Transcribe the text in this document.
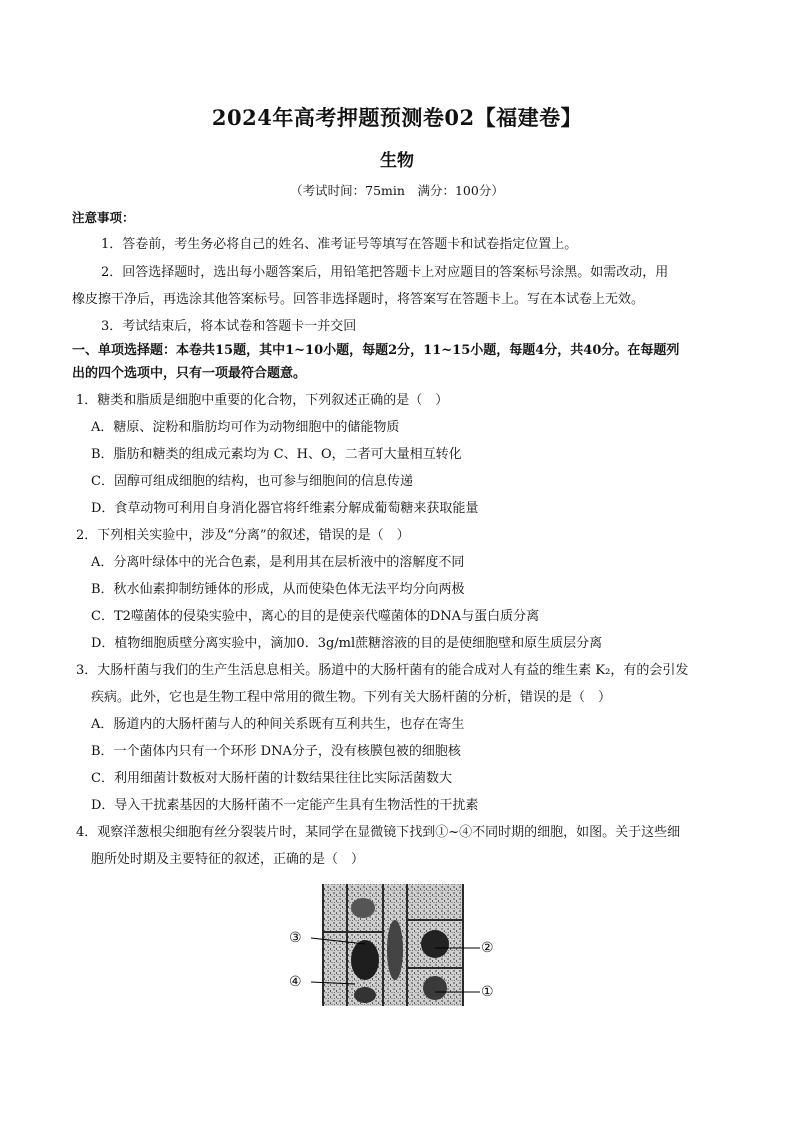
2024年高考押题预测卷02【福建卷】
生物
（考试时间：75min　满分：100分）
注意事项：
1．答卷前，考生务必将自己的姓名、准考证号等填写在答题卡和试卷指定位置上。
2．回答选择题时，选出每小题答案后，用铅笔把答题卡上对应题目的答案标号涂黑。如需改动，用
橡皮擦干净后，再选涂其他答案标号。回答非选择题时，将答案写在答题卡上。写在本试卷上无效。
3．考试结束后，将本试卷和答题卡一并交回
一、单项选择题：本卷共15题，其中1~10小题，每题2分，11~15小题，每题4分，共40分。在每题列
出的四个选项中，只有一项最符合题意。
1．糖类和脂质是细胞中重要的化合物，下列叙述正确的是（　）
A．糖原、淀粉和脂肪均可作为动物细胞中的储能物质
B．脂肪和糖类的组成元素均为 C、H、O，二者可大量相互转化
C．固醇可组成细胞的结构，也可参与细胞间的信息传递
D．食草动物可利用自身消化器官将纤维素分解成葡萄糖来获取能量
2．下列相关实验中，涉及“分离”的叙述，错误的是（　）
A．分离叶绿体中的光合色素，是利用其在层析液中的溶解度不同
B．秋水仙素抑制纺锤体的形成，从而使染色体无法平均分向两极
C．T2噬菌体的侵染实验中，离心的目的是使亲代噬菌体的DNA与蛋白质分离
D．植物细胞质壁分离实验中，滴加0．3g/ml蔗糖溶液的目的是使细胞壁和原生质层分离
3．大肠杆菌与我们的生产生活息息相关。肠道中的大肠杆菌有的能合成对人有益的维生素 K₂，有的会引发
疾病。此外，它也是生物工程中常用的微生物。下列有关大肠杆菌的分析，错误的是（　）
A．肠道内的大肠杆菌与人的种间关系既有互利共生，也存在寄生
B．一个菌体内只有一个环形 DNA分子，没有核膜包被的细胞核
C．利用细菌计数板对大肠杆菌的计数结果往往比实际活菌数大
D．导入干扰素基因的大肠杆菌不一定能产生具有生物活性的干扰素
4．观察洋葱根尖细胞有丝分裂装片时，某同学在显微镜下找到①~④不同时期的细胞，如图。关于这些细
胞所处时期及主要特征的叙述，正确的是（　）
③
④
②
①
